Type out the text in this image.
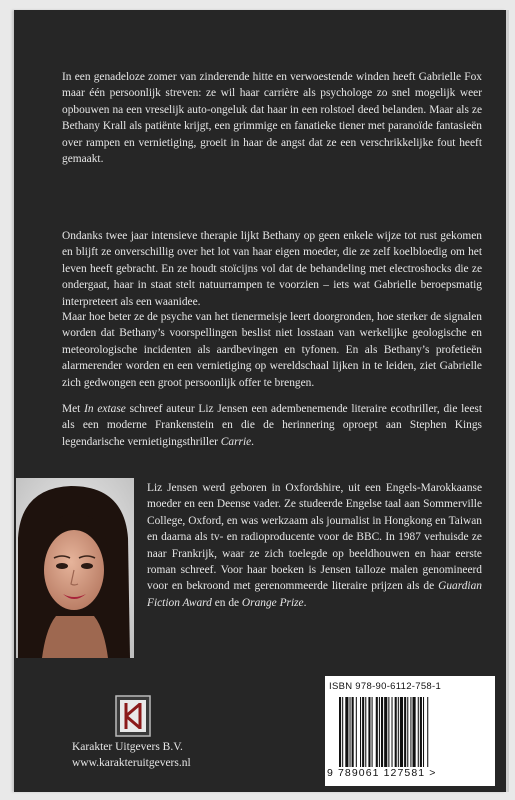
In een genadeloze zomer van zinderende hitte en verwoestende winden heeft Gabrielle Fox maar één persoonlijk streven: ze wil haar carrière als psychologe zo snel mogelijk weer opbouwen na een vreselijk auto-ongeluk dat haar in een rolstoel deed belanden. Maar als ze Bethany Krall als patiënte krijgt, een grimmige en fanatieke tiener met paranoïde fantasieën over rampen en vernietiging, groeit in haar de angst dat ze een verschrikkelijke fout heeft gemaakt.

Ondanks twee jaar intensieve therapie lijkt Bethany op geen enkele wijze tot rust gekomen en blijft ze onverschillig over het lot van haar eigen moeder, die ze zelf koelbloedig om het leven heeft gebracht. En ze houdt stoïcijns vol dat de behandeling met electroshocks die ze ondergaat, haar in staat stelt natuurrampen te voorzien – iets wat Gabrielle beroepsmatig interpreteert als een waanidee.

Maar hoe beter ze de psyche van het tienermeisje leert doorgronden, hoe sterker de signalen worden dat Bethany’s voorspellingen beslist niet losstaan van werkelijke geologische en meteorologische incidenten als aardbevingen en tyfonen. En als Bethany’s profetieën alarmerender worden en een vernietiging op wereldschaal lijken in te leiden, ziet Gabrielle zich gedwongen een groot persoonlijk offer te brengen.

Met In extase schreef auteur Liz Jensen een adembenemende literaire ecothriller, die leest als een moderne Frankenstein en die de herinnering oproept aan Stephen Kings legendarische vernietigingsthriller Carrie.

Liz Jensen werd geboren in Oxfordshire, uit een Engels-Marokkaanse moeder en een Deense vader. Ze studeerde Engelse taal aan Sommerville College, Oxford, en was werkzaam als journalist in Hongkong en Taiwan en daarna als tv- en radioproducente voor de BBC. In 1987 verhuisde ze naar Frankrijk, waar ze zich toelegde op beeldhouwen en haar eerste roman schreef. Voor haar boeken is Jensen talloze malen genomineerd voor en bekroond met gerenommeerde literaire prijzen als de Guardian Fiction Award en de Orange Prize.

ISBN 978-90-6112-758-1
9 789061 127581 >
Karakter Uitgevers B.V.
www.karakteruitgevers.nl
